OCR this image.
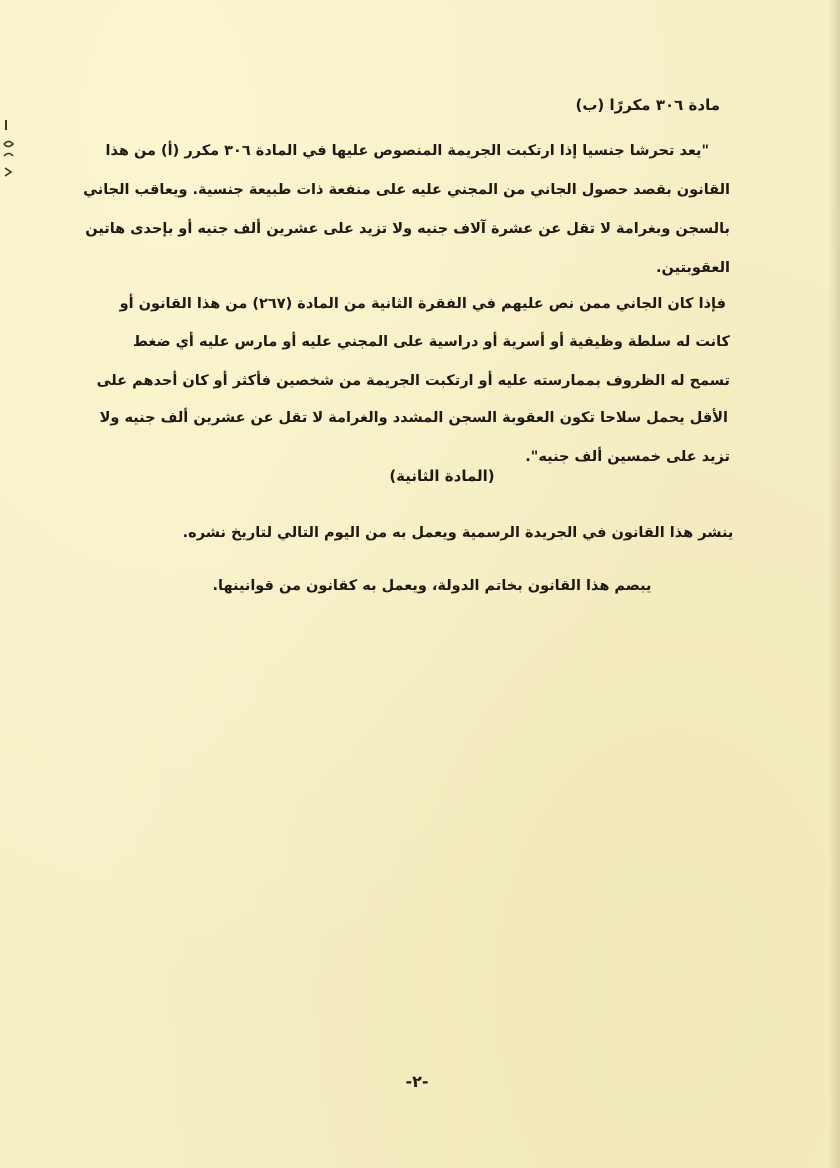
مادة ٣٠٦ مكررًا (ب)
"يعد تحرشا جنسيا إذا ارتكبت الجريمة المنصوص عليها في المادة ٣٠٦ مكرر (أ) من هذا
القانون بقصد حصول الجاني من المجني عليه على منفعة ذات طبيعة جنسية. ويعاقب الجاني
بالسجن وبغرامة لا تقل عن عشرة آلاف جنيه ولا تزيد على عشرين ألف جنيه أو بإحدى هاتين
العقوبتين.
فإذا كان الجاني ممن نص عليهم في الفقرة الثانية من المادة (٢٦٧) من هذا القانون أو
كانت له سلطة وظيفية أو أسرية أو دراسية على المجني عليه أو مارس عليه أي ضغط
تسمح له الظروف بممارسته عليه أو ارتكبت الجريمة من شخصين فأكثر أو كان أحدهم على
الأقل يحمل سلاحا تكون العقوبة السجن المشدد والغرامة لا تقل عن عشرين ألف جنيه ولا
تزيد على خمسين ألف جنيه".
(المادة الثانية)
ينشر هذا القانون في الجريدة الرسمية ويعمل به من اليوم التالي لتاريخ نشره.
يبصم هذا القانون بخاتم الدولة، ويعمل به كقانون من قوانينها.
-٢-
